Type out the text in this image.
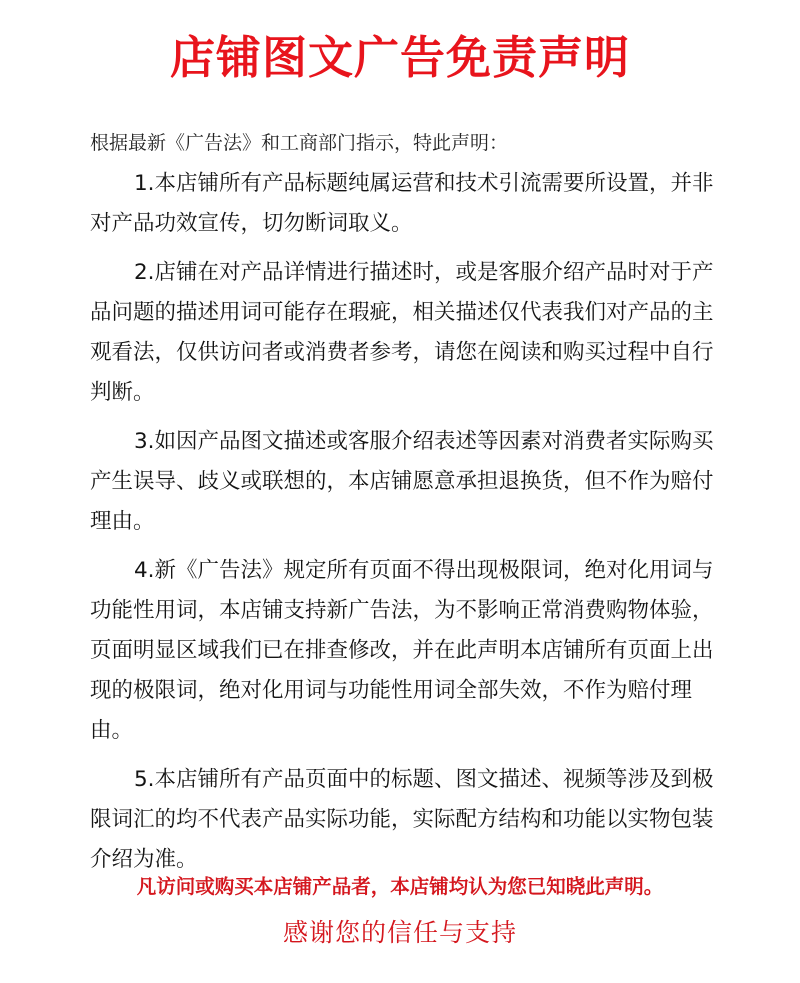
店铺图文广告免责声明
根据最新《广告法》和工商部门指示，特此声明：

1.本店铺所有产品标题纯属运营和技术引流需要所设置，并非对产品功效宣传，切勿断词取义。

2.店铺在对产品详情进行描述时，或是客服介绍产品时对于产品问题的描述用词可能存在瑕疵，相关描述仅代表我们对产品的主观看法，仅供访问者或消费者参考，请您在阅读和购买过程中自行判断。

3.如因产品图文描述或客服介绍表述等因素对消费者实际购买产生误导、歧义或联想的，本店铺愿意承担退换货，但不作为赔付理由。

4.新《广告法》规定所有页面不得出现极限词，绝对化用词与功能性用词，本店铺支持新广告法，为不影响正常消费购物体验，页面明显区域我们已在排查修改，并在此声明本店铺所有页面上出现的极限词，绝对化用词与功能性用词全部失效，不作为赔付理由。

5.本店铺所有产品页面中的标题、图文描述、视频等涉及到极限词汇的均不代表产品实际功能，实际配方结构和功能以实物包装介绍为准。

凡访问或购买本店铺产品者，本店铺均认为您已知晓此声明。
感谢您的信任与支持
